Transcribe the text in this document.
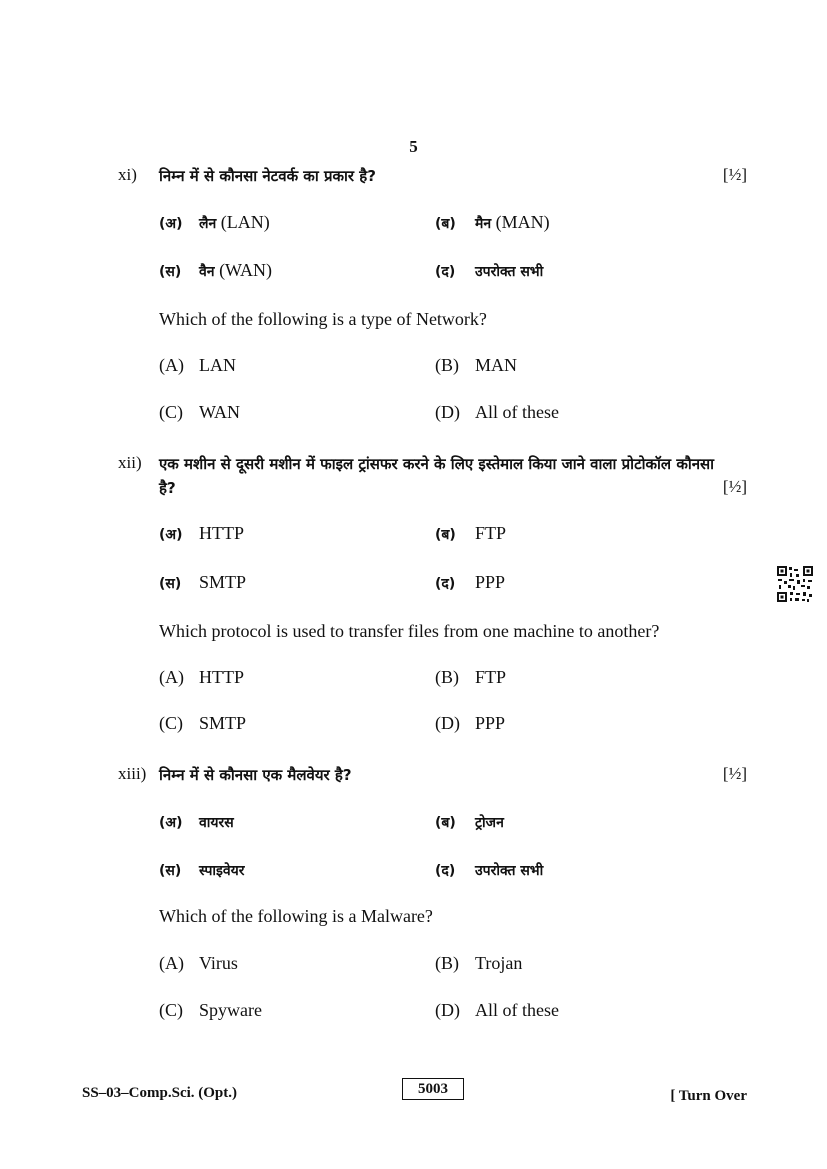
5
xi) निम्न में से कौनसा नेटवर्क का प्रकार है?	[½]
(अ) लैन (LAN)	(ब) मैन (MAN)
(स) वैन (WAN)	(द) उपरोक्त सभी
Which of the following is a type of Network?
(A) LAN	(B) MAN
(C) WAN	(D) All of these
xii) एक मशीन से दूसरी मशीन में फाइल ट्रांसफर करने के लिए इस्तेमाल किया जाने वाला प्रोटोकॉल कौनसा
है?	[½]
(अ) HTTP	(ब) FTP
(स) SMTP	(द) PPP
Which protocol is used to transfer files from one machine to another?
(A) HTTP	(B) FTP
(C) SMTP	(D) PPP
xiii) निम्न में से कौनसा एक मैलवेयर है?	[½]
(अ) वायरस	(ब) ट्रोजन
(स) स्पाइवेयर	(द) उपरोक्त सभी
Which of the following is a Malware?
(A) Virus	(B) Trojan
(C) Spyware	(D) All of these
SS–03–Comp.Sci. (Opt.)	5003	[ Turn Over
